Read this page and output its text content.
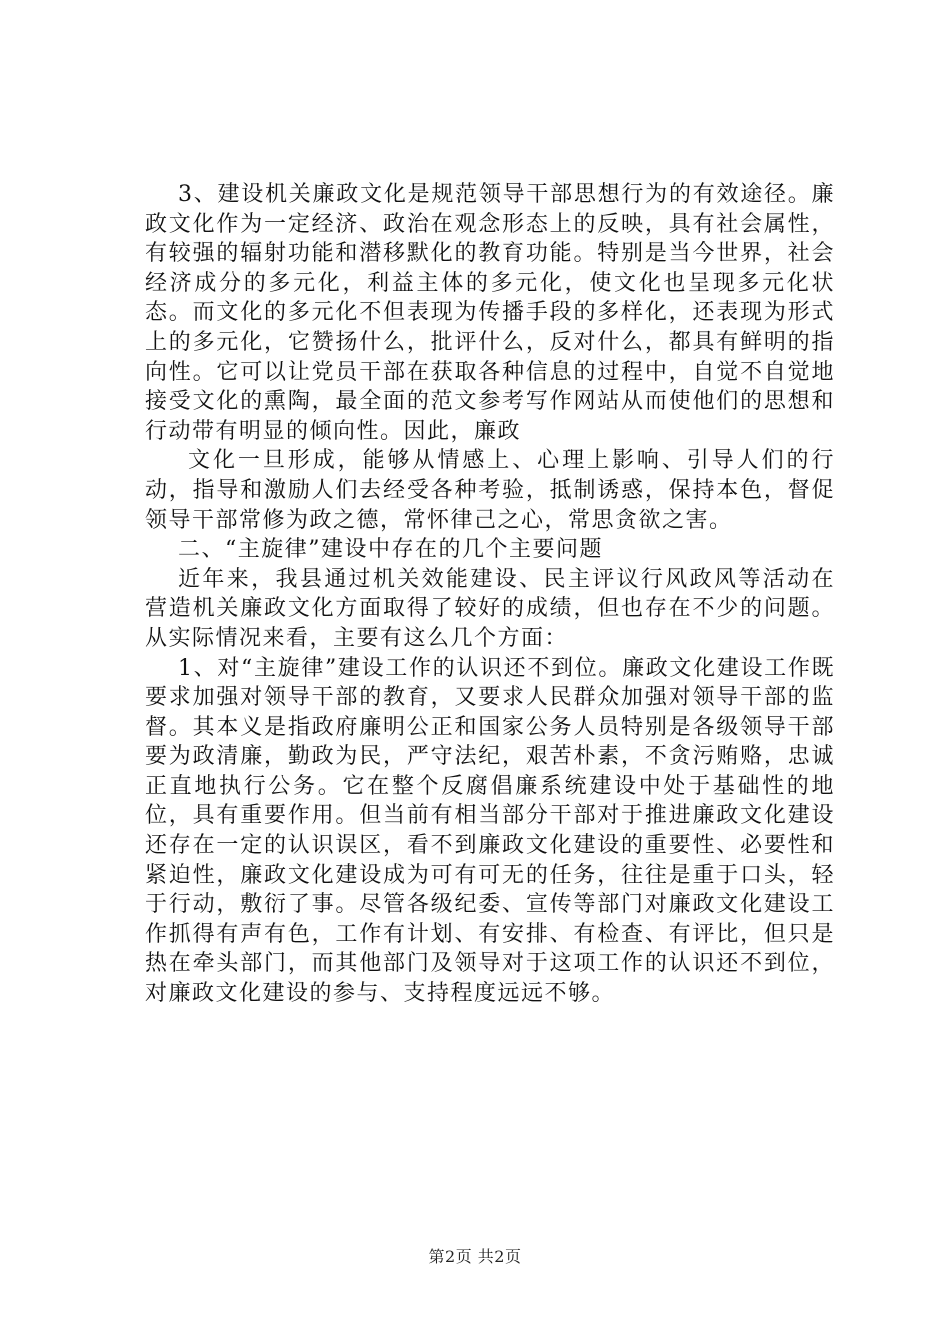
3、建设机关廉政文化是规范领导干部思想行为的有效途径。廉政文化作为一定经济、政治在观念形态上的反映，具有社会属性，有较强的辐射功能和潜移默化的教育功能。特别是当今世界，社会经济成分的多元化，利益主体的多元化，使文化也呈现多元化状态。而文化的多元化不但表现为传播手段的多样化，还表现为形式上的多元化，它赞扬什么，批评什么，反对什么，都具有鲜明的指向性。它可以让党员干部在获取各种信息的过程中，自觉不自觉地接受文化的熏陶，最全面的范文参考写作网站从而使他们的思想和行动带有明显的倾向性。因此，廉政

文化一旦形成，能够从情感上、心理上影响、引导人们的行动，指导和激励人们去经受各种考验，抵制诱惑，保持本色，督促领导干部常修为政之德，常怀律己之心，常思贪欲之害。

二、“主旋律”建设中存在的几个主要问题

近年来，我县通过机关效能建设、民主评议行风政风等活动在营造机关廉政文化方面取得了较好的成绩，但也存在不少的问题。从实际情况来看，主要有这么几个方面：

1、对“主旋律”建设工作的认识还不到位。廉政文化建设工作既要求加强对领导干部的教育，又要求人民群众加强对领导干部的监督。其本义是指政府廉明公正和国家公务人员特别是各级领导干部要为政清廉，勤政为民，严守法纪，艰苦朴素，不贪污贿赂，忠诚正直地执行公务。它在整个反腐倡廉系统建设中处于基础性的地位，具有重要作用。但当前有相当部分干部对于推进廉政文化建设还存在一定的认识误区，看不到廉政文化建设的重要性、必要性和紧迫性，廉政文化建设成为可有可无的任务，往往是重于口头，轻于行动，敷衍了事。尽管各级纪委、宣传等部门对廉政文化建设工作抓得有声有色，工作有计划、有安排、有检查、有评比，但只是热在牵头部门，而其他部门及领导对于这项工作的认识还不到位，对廉政文化建设的参与、支持程度远远不够。

第2页 共2页
